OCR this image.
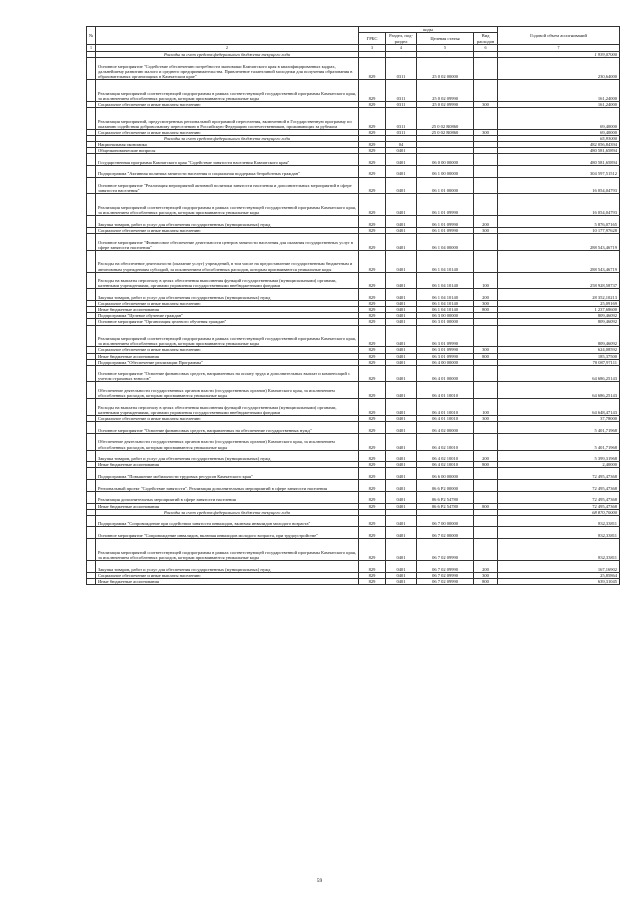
№		коды				Годовой объем ассигнований
		ГРБС	Раздел, под-раздел	Целевая статья	Вид расходов	
1	2	3	4	5	6	7
	Расходы за счет средств федерального бюджета текущего года					1 939,07000
	Основное мероприятие "Содействие обеспечению потребности экономики Камчатского края в квалифицированных кадрах, дальнейшему развитию малого и среднего предпринимательства. Привлечение талантливой молодежи для получения образования в образовательных организациях в Камчатском крае"	829	0311	25 0 02 00000		230,64000
	Реализация мероприятий соответствующей подпрограммы в рамках соответствующей государственной программы Камчатского края, за исключением обособленных расходов, которым присваиваются уникальные коды	829	0311	25 0 02 09990		161,24000
	Социальное обеспечение и иные выплаты населению	829	0311	25 0 02 09990	300	161,24000
	Реализация мероприятий, предусмотренных региональной программой переселения, включенной в Государственную программу по оказанию содействия добровольному переселению в Российскую Федерацию соотечественников, проживающих за рубежом	829	0311	25 0 02 R0860		69,40000
	Социальное обеспечение и иные выплаты населению	829	0311	25 0 02 R0860	300	69,40000
	Расходы за счет средств федерального бюджета текущего года					65,93000
	Национальная экономика	829	04			482 056,84394
	Общеэкономические вопросы	829	0401			480 581,65894
	Государственная программа Камчатского края "Содействие занятости населения Камчатского края"	829	0401	06 0 00 00000		480 581,65894
	Подпрограмма "Активная политика занятости населения и социальная поддержка безработных граждан"	829	0401	06 1 00 00000		304 597,51512
	Основное мероприятие "Реализация мероприятий активной политики занятости населения и дополнительных мероприятий в сфере занятости населения"	829	0401	06 1 01 00000		16 054,04793
	Реализация мероприятий соответствующей подпрограммы в рамках соответствующей государственной программы Камчатского края, за исключением обособленных расходов, которым присваиваются уникальные коды	829	0401	06 1 01 09990		16 054,04793
	Закупка товаров, работ и услуг для обеспечения государственных (муниципальных) нужд	829	0401	06 1 01 09990	200	5 876,07165
	Социальное обеспечение и иные выплаты населению	829	0401	06 1 01 09990	300	10 177,97628
	Основное мероприятие "Финансовое обеспечение деятельности центров занятости населения для оказания государственных услуг в сфере занятости населения"	829	0401	06 1 04 00000		288 543,46719
	Расходы на обеспечение деятельности (оказание услуг) учреждений, в том числе на предоставление государственным бюджетным и автономным учреждениям субсидий, за исключением обособленных расходов, которым присваиваются уникальные коды	829	0401	06 1 04 10140		288 543,46719
	Расходы на выплаты персоналу в целях обеспечения выполнения функций государственными (муниципальными) органами, казенными учреждениями, органами управления государственными внебюджетными фондами	829	0401	06 1 04 10140	100	258 928,58737
	Закупка товаров, работ и услуг для обеспечения государственных (муниципальных) нужд	829	0401	06 1 04 10140	200	28 352,10213
	Социальное обеспечение и иные выплаты населению	829	0401	06 1 04 10140	300	25,09169
	Иные бюджетные ассигнования	829	0401	06 1 04 10140	800	1 237,68600
	Подпрограмма "Целевое обучение граждан"	829	0401	06 3 00 00000		809,46092
	Основное мероприятие "Организация целевого обучения граждан"	829	0401	06 3 01 00000		809,46092
	Реализация мероприятий соответствующей подпрограммы в рамках соответствующей государственной программы Камчатского края, за исключением обособленных расходов, которым присваиваются уникальные коды	829	0401	06 3 01 09990		809,46092
	Социальное обеспечение и иные выплаты населению	829	0401	06 3 01 09990	300	624,08592
	Иные бюджетные ассигнования	829	0401	06 3 01 09990	800	185,37500
	Подпрограмма "Обеспечение реализации Программы"	829	0401	06 4 00 00000		70 087,97111
	Основное мероприятие "Освоение финансовых средств, направленных на оплату труда и дополнительных выплат и компенсаций с учетом страховых взносов"	829	0401	06 4 01 00000		64 686,25143
	Обеспечение деятельности государственных органов власти (государственных органов) Камчатского края, за исключением обособленных расходов, которым присваиваются уникальные коды	829	0401	06 4 01 10010		64 686,25143
	Расходы на выплаты персоналу в целях обеспечения выполнения функций государственными (муниципальными) органами, казенными учреждениями, органами управления государственными внебюджетными фондами	829	0401	06 4 01 10010	100	64 648,47143
	Социальное обеспечение и иные выплаты населению	829	0401	06 4 01 10010	300	37,78000
	Основное мероприятие "Освоение финансовых средств, направленных на обеспечение государственных нужд"	829	0401	06 4 02 00000		5 401,71968
	Обеспечение деятельности государственных органов власти (государственных органов) Камчатского края, за исключением обособленных расходов, которым присваиваются уникальные коды	829	0401	06 4 02 10010		5 401,71968
	Закупка товаров, работ и услуг для обеспечения государственных (муниципальных) нужд	829	0401	06 4 02 10010	200	5 399,31968
	Иные бюджетные ассигнования	829	0401	06 4 02 10010	800	2,40000
	Подпрограмма "Повышение мобильности трудовых ресурсов Камчатского края"	829	0401	06 6 00 00000		72 495,47368
	Региональный проект "Содействие занятости". Реализация дополнительных мероприятий в сфере занятости населения	829	0401	06 6 P2 00000		72 495,47368
	Реализация дополнительных мероприятий в сфере занятости населения	829	0401	06 6 P2 54780		72 495,47368
	Иные бюджетные ассигнования	829	0401	06 6 P2 54780	800	72 495,47368
	Расходы за счет средств федерального бюджета текущего года					68 870,70000
	Подпрограмма "Сопровождение при содействии занятости инвалидов, включая инвалидов молодого возраста"	829	0401	06 7 00 00000		832,33811
	Основное мероприятие "Сопровождение инвалидов, включая инвалидов молодого возраста, при трудоустройстве"	829	0401	06 7 02 00000		832,33811
	Реализация мероприятий соответствующей подпрограммы в рамках соответствующей государственной программы Камчатского края, за исключением обособленных расходов, которым присваиваются уникальные коды	829	0401	06 7 02 09990		832,33811
	Закупка товаров, работ и услуг для обеспечения государственных (муниципальных) нужд	829	0401	06 7 02 09990	200	167,16902
	Социальное обеспечение и иные выплаты населению	829	0401	06 7 02 09990	300	25,85864
	Иные бюджетные ассигнования	829	0401	06 7 02 09990	800	639,31045
59
